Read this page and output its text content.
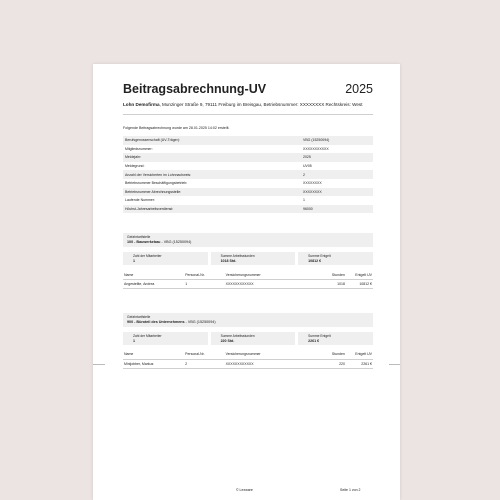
Beitragsabrechnung-UV	2025
Lohn Demofirma, Munzinger Straße 9, 79111 Freiburg im Breisgau, Betriebsnummer: XXXXXXXX Rechtskreis: West
Folgende Beitragsabrechnung wurde am 28.01.2025 14:02 erstellt.
Berufsgenossenschaft (UV-Träger):	VBG (15250094)
Mitgliedsnummer:	XXXXXXXXXXX
Meldejahr:	2025
Meldegrund:	UV05
Anzahl der Versicherten im Lohnnachweis:	2
Betriebsnummer Beschäftigungsbetrieb:	XXXXXXXX
Betriebsnummer Abrechnungsstelle:	XXXXXXXX
Laufende Nummer:	1
Höchst-Jahresarbeitsverdienst:	96000
Gefahrtarifstelle
100 - Bauwerkebau - VBG (15250094)
Zahl der Mitarbeiter
1
Summe Arbeitsstunden
1018 Std.
Summe Entgelt
10812 €
Name	Personal-Nr.	Versicherungsnummer	Stunden	Entgelt UV
Angestellte, Andrea	1	XXXXXXXXXXXX	1018	10812 €
Gefahrtarifstelle
900 - Büroteil des Unternehmens - VBG (15250094)
Zahl der Mitarbeiter
1
Summe Arbeitsstunden
220 Std.
Summe Entgelt
2261 €
Name	Personal-Nr.	Versicherungsnummer	Stunden	Entgelt UV
Minijobber, Markus	2	XXXXXXXXXXXX	220	2261 €
© Lexware	Seite 1 von 2
